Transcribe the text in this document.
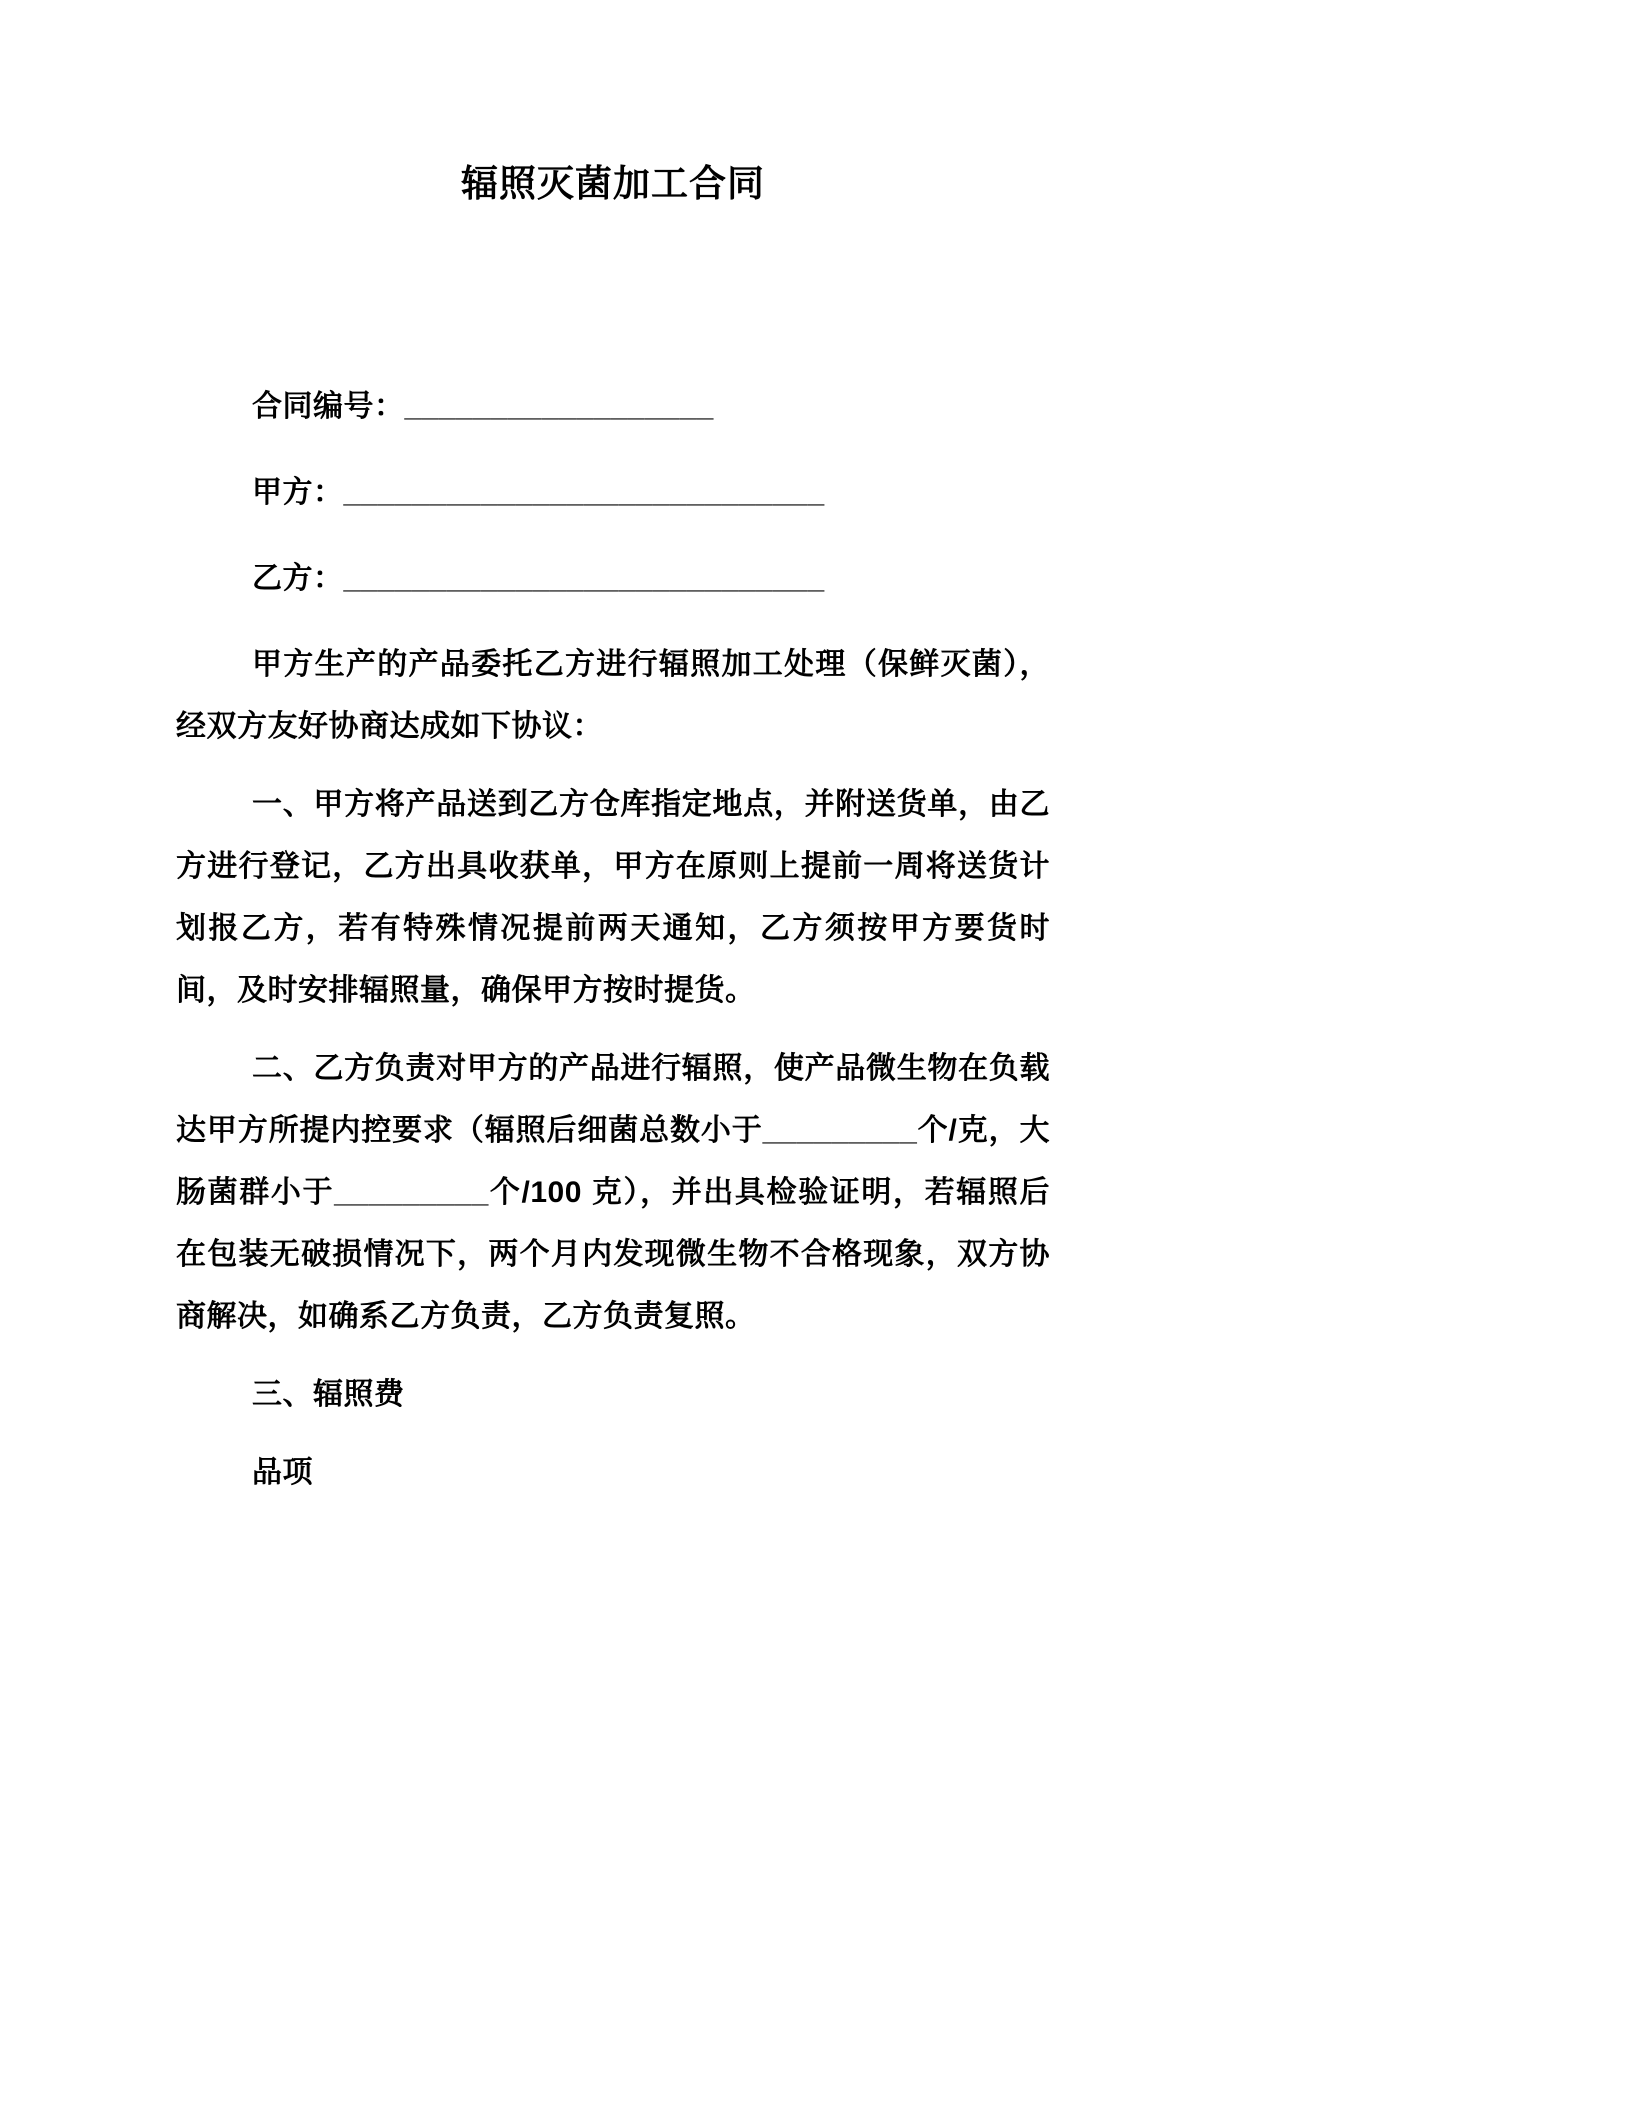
辐照灭菌加工合同

合同编号：__________________

甲方：____________________________

乙方：____________________________

甲方生产的产品委托乙方进行辐照加工处理（保鲜灭菌），经双方友好协商达成如下协议：

一、甲方将产品送到乙方仓库指定地点，并附送货单，由乙方进行登记，乙方出具收获单，甲方在原则上提前一周将送货计划报乙方，若有特殊情况提前两天通知，乙方须按甲方要货时间，及时安排辐照量，确保甲方按时提货。

二、乙方负责对甲方的产品进行辐照，使产品微生物在负载达甲方所提内控要求（辐照后细菌总数小于_________个/克，大肠菌群小于_________个/100 克），并出具检验证明，若辐照后在包装无破损情况下，两个月内发现微生物不合格现象，双方协商解决，如确系乙方负责，乙方负责复照。

三、辐照费

品项
